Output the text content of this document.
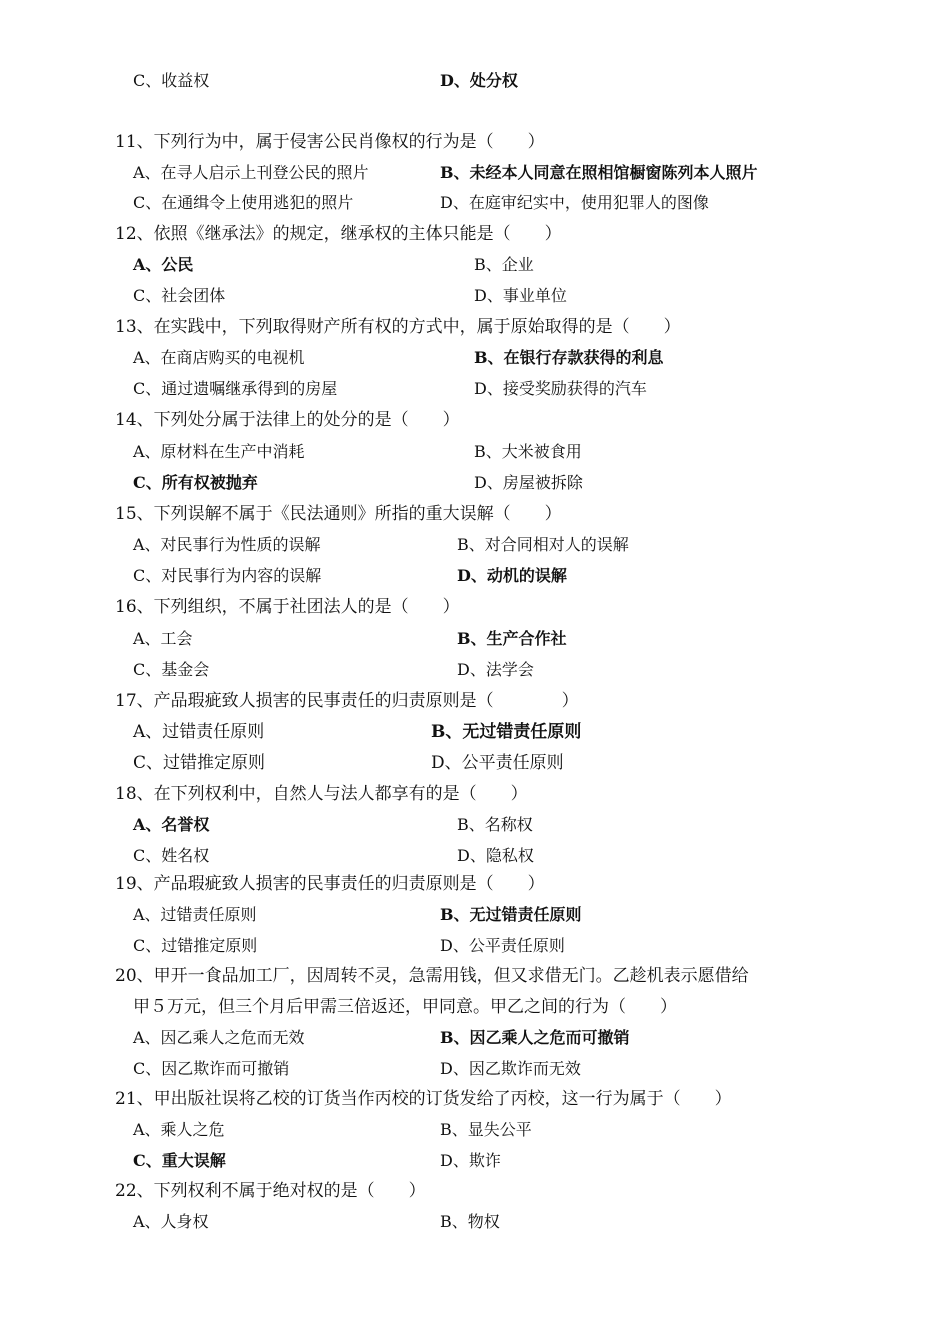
C、收益权	D、处分权
11、下列行为中，属于侵害公民肖像权的行为是（　　）
A、在寻人启示上刊登公民的照片	B、未经本人同意在照相馆橱窗陈列本人照片
C、在通缉令上使用逃犯的照片	D、在庭审纪实中，使用犯罪人的图像
12、依照《继承法》的规定，继承权的主体只能是（　　）
A、公民	B、企业
C、社会团体	D、事业单位
13、在实践中，下列取得财产所有权的方式中，属于原始取得的是（　　）
A、在商店购买的电视机	B、在银行存款获得的利息
C、通过遗嘱继承得到的房屋	D、接受奖励获得的汽车
14、下列处分属于法律上的处分的是（　　）
A、原材料在生产中消耗	B、大米被食用
C、所有权被抛弃	D、房屋被拆除
15、下列误解不属于《民法通则》所指的重大误解（　　）
A、对民事行为性质的误解	B、对合同相对人的误解
C、对民事行为内容的误解	D、动机的误解
16、下列组织，不属于社团法人的是（　　）
A、工会	B、生产合作社
C、基金会	D、法学会
17、产品瑕疵致人损害的民事责任的归责原则是（　　　　）
A、过错责任原则	B、无过错责任原则
C、过错推定原则	D、公平责任原则
18、在下列权利中，自然人与法人都享有的是（　　）
A、名誉权	B、名称权
C、姓名权	D、隐私权
19、产品瑕疵致人损害的民事责任的归责原则是（　　）
A、过错责任原则	B、无过错责任原则
C、过错推定原则	D、公平责任原则
20、甲开一食品加工厂，因周转不灵，急需用钱，但又求借无门。乙趁机表示愿借给
甲５万元，但三个月后甲需三倍返还，甲同意。甲乙之间的行为（　　）
A、因乙乘人之危而无效	B、因乙乘人之危而可撤销
C、因乙欺诈而可撤销	D、因乙欺诈而无效
21、甲出版社误将乙校的订货当作丙校的订货发给了丙校，这一行为属于（　　）
A、乘人之危	B、显失公平
C、重大误解	D、欺诈
22、下列权利不属于绝对权的是（　　）
A、人身权	B、物权
